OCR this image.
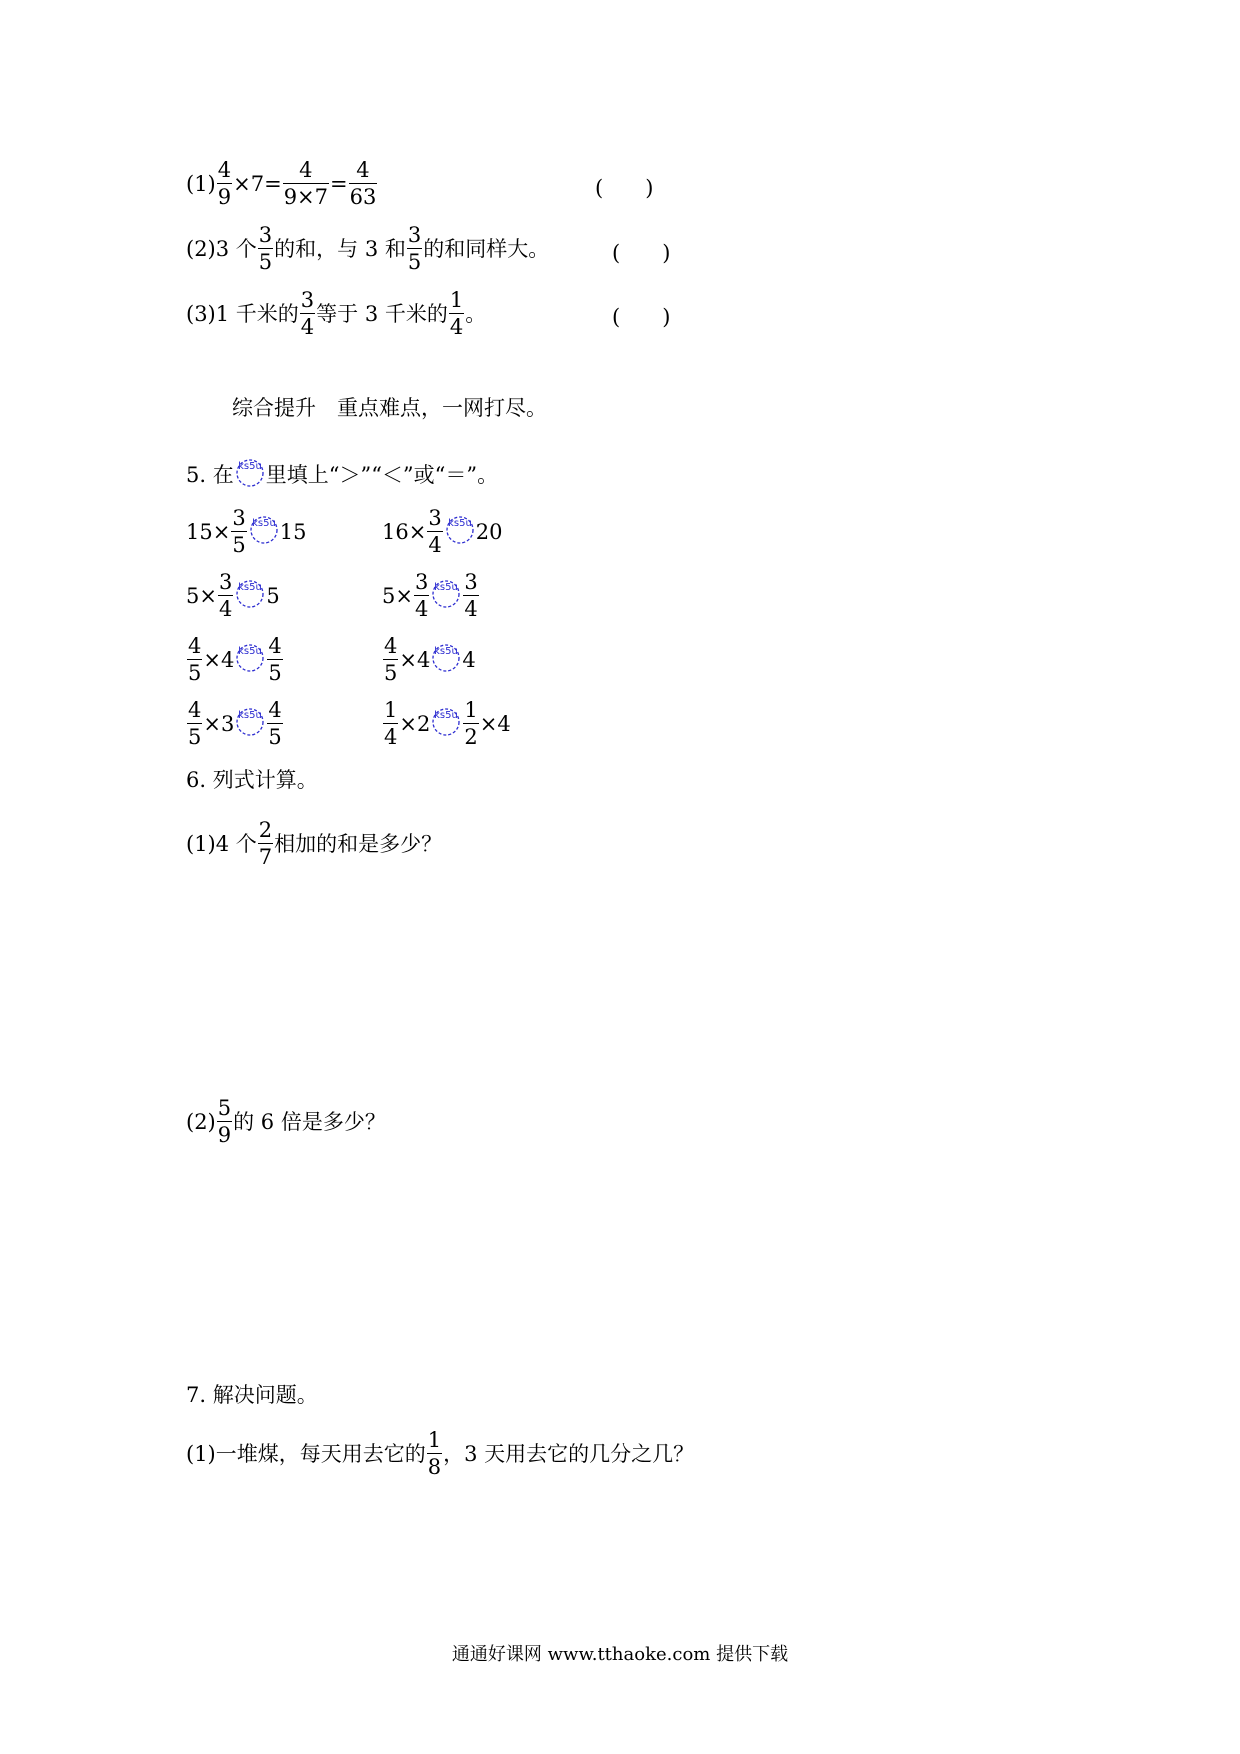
$(1) \frac{4}{9} \times 7= \frac{4}{9\times 7} = \frac{4}{63}$	(　　)
(2)3 个 $\frac{3}{5}$ 的和，与 3 和 $\frac{3}{5}$ 的和同样大。	(　　)
(3)1 千米的 $\frac{3}{4}$ 等于 3 千米的 $\frac{1}{4}$ 。	(　　)
综合提升　重点难点，一网打尽。
5. 在 ks5u 里填上“＞”“＜”或“＝”。
$15\times \frac{3}{5} ks5u$ 15	$16\times \frac{3}{4} ks5u$ 20
$5\times \frac{3}{4} ks5u$ 5	$5\times \frac{3}{4} ks5u \frac{3}{4}$
$\frac{4}{5} \times 4$ $ks5u \frac{4}{5}$	$\frac{4}{5} \times 4$ ks5u 4
$\frac{4}{5} \times 3$ $ks5u \frac{4}{5}$	$\frac{1}{4} \times 2$ $ks5u \frac{1}{2} \times 4$
6. 列式计算。
(1)4 个 $\frac{2}{7}$ 相加的和是多少？
$(2) \frac{5}{9}$ 的 6 倍是多少？
7. 解决问题。
(1)一堆煤，每天用去它的 $\frac{1}{8}$ ，3 天用去它的几分之几？
通通好课网 www.tthaoke.com 提供下载
